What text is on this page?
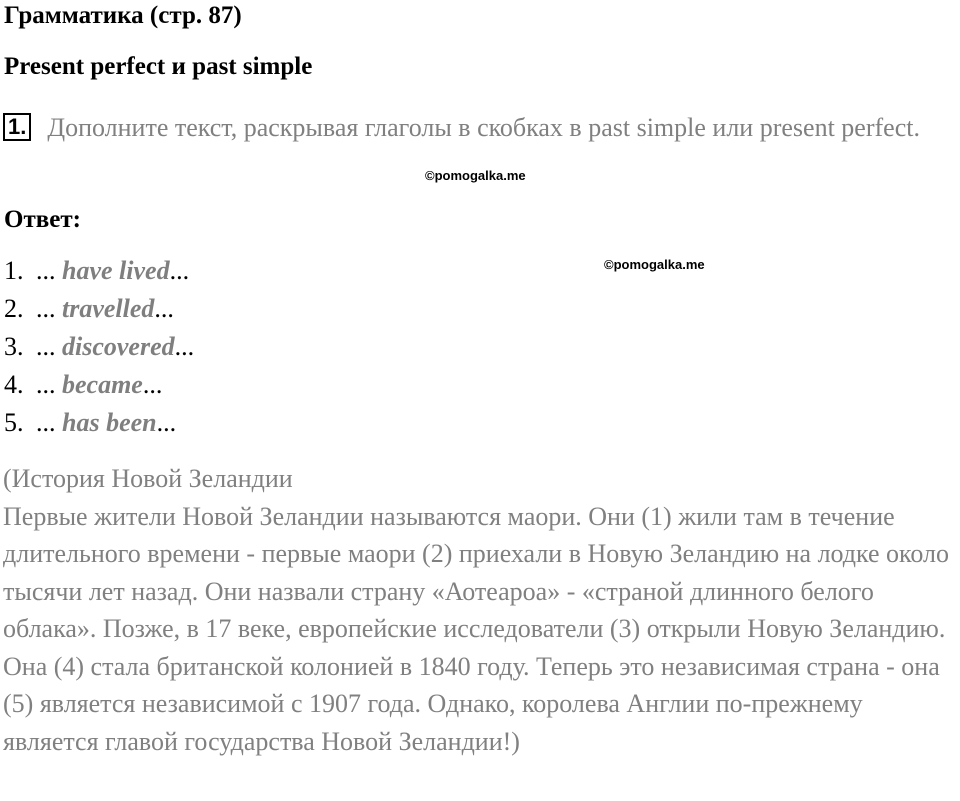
Грамматика (стр. 87)
Present perfect и past simple
1. Дополните текст, раскрывая глаголы в скобках в past simple или present perfect.
©pomogalka.me
©pomogalka.me
Ответ:
1. ... have lived...
2. ... travelled...
3. ... discovered...
4. ... became...
5. ... has been...

(История Новой Зеландии

Первые жители Новой Зеландии называются маори. Они (1) жили там в течение длительного времени - первые маори (2) приехали в Новую Зеландию на лодке около тысячи лет назад. Они назвали страну «Аотеароа» - «страной длинного белого облака». Позже, в 17 веке, европейские исследователи (3) открыли Новую Зеландию. Она (4) стала британской колонией в 1840 году. Теперь это независимая страна - она (5) является независимой с 1907 года. Однако, королева Англии по-прежнему является главой государства Новой Зеландии!)
